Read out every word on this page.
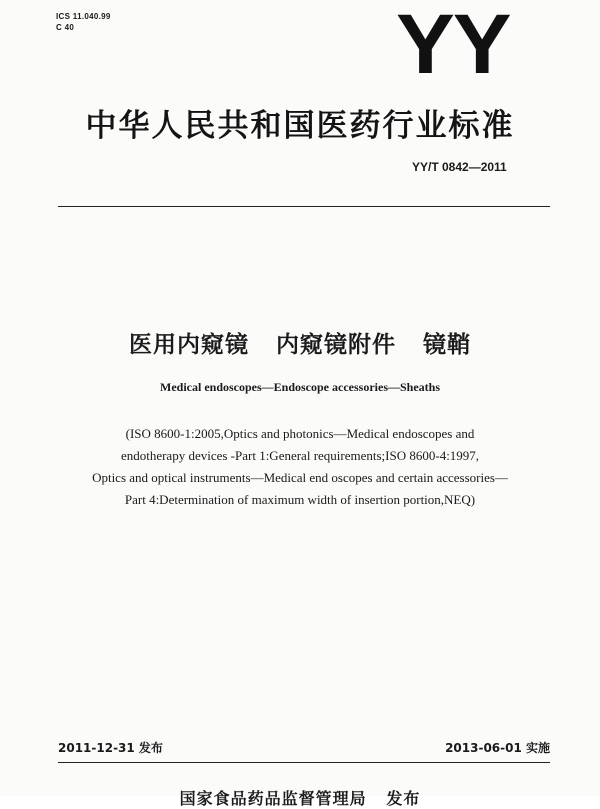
ICS 11.040.99
C 40	YY
中华人民共和国医药行业标准
YY/T 0842—2011
医用内窥镜   内窥镜附件   镜鞘
Medical endoscopes—Endoscope accessories—Sheaths
(ISO 8600-1:2005,Optics and photonics—Medical endoscopes and
endotherapy devices -Part 1:General requirements;ISO 8600-4:1997,
Optics and optical instruments—Medical end oscopes and certain accessories—
Part 4:Determination of maximum width of insertion portion,NEQ)
2011-12-31 发布	2013-06-01 实施
国家食品药品监督管理局   发布
